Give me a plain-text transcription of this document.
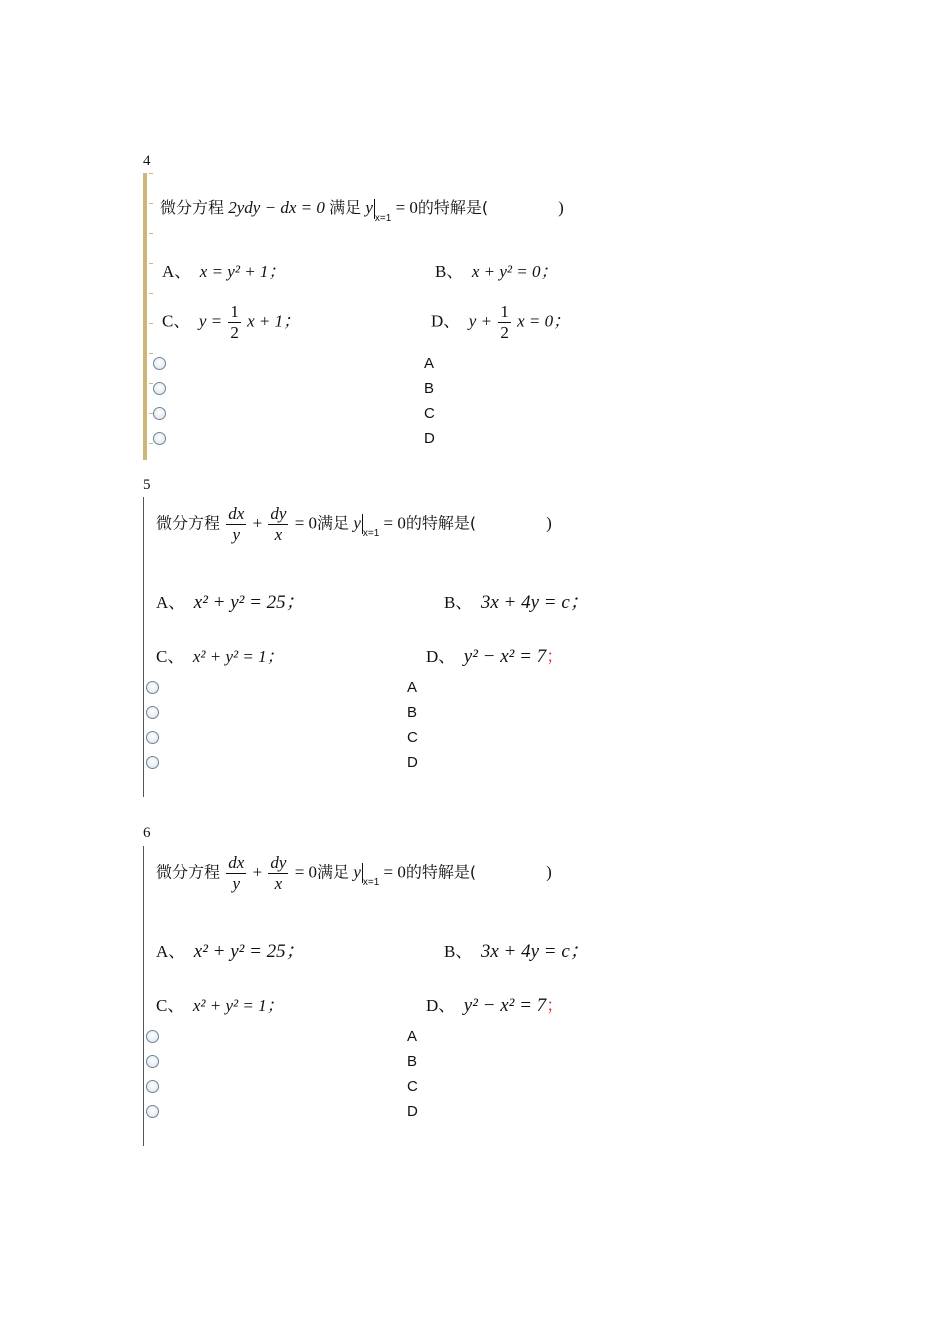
4
微分方程 2ydy − dx = 0 满足 $y_{x=1} = 0$的特解是(	)
A、 x = y² + 1；	B、 x + y² = 0；
C、 $y = \frac{1}{2}$ x + 1；	D、 $y + \frac{1}{2}$ x = 0；
A
B
C
D
5
微分方程 $\frac{dx}{y} + \frac{dy}{x} = 0$满足 $y_{x=1} = 0$的特解是(	)
A、 x² + y² = 25；	B、 3x + 4y = c；
C、 x² + y² = 1；	D、 y² − x² = 7；
A
B
C
D
6
微分方程 $\frac{dx}{y} + \frac{dy}{x} = 0$满足 $y_{x=1} = 0$的特解是(	)
A、 x² + y² = 25；	B、 3x + 4y = c；
C、 x² + y² = 1；	D、 y² − x² = 7；
A
B
C
D
